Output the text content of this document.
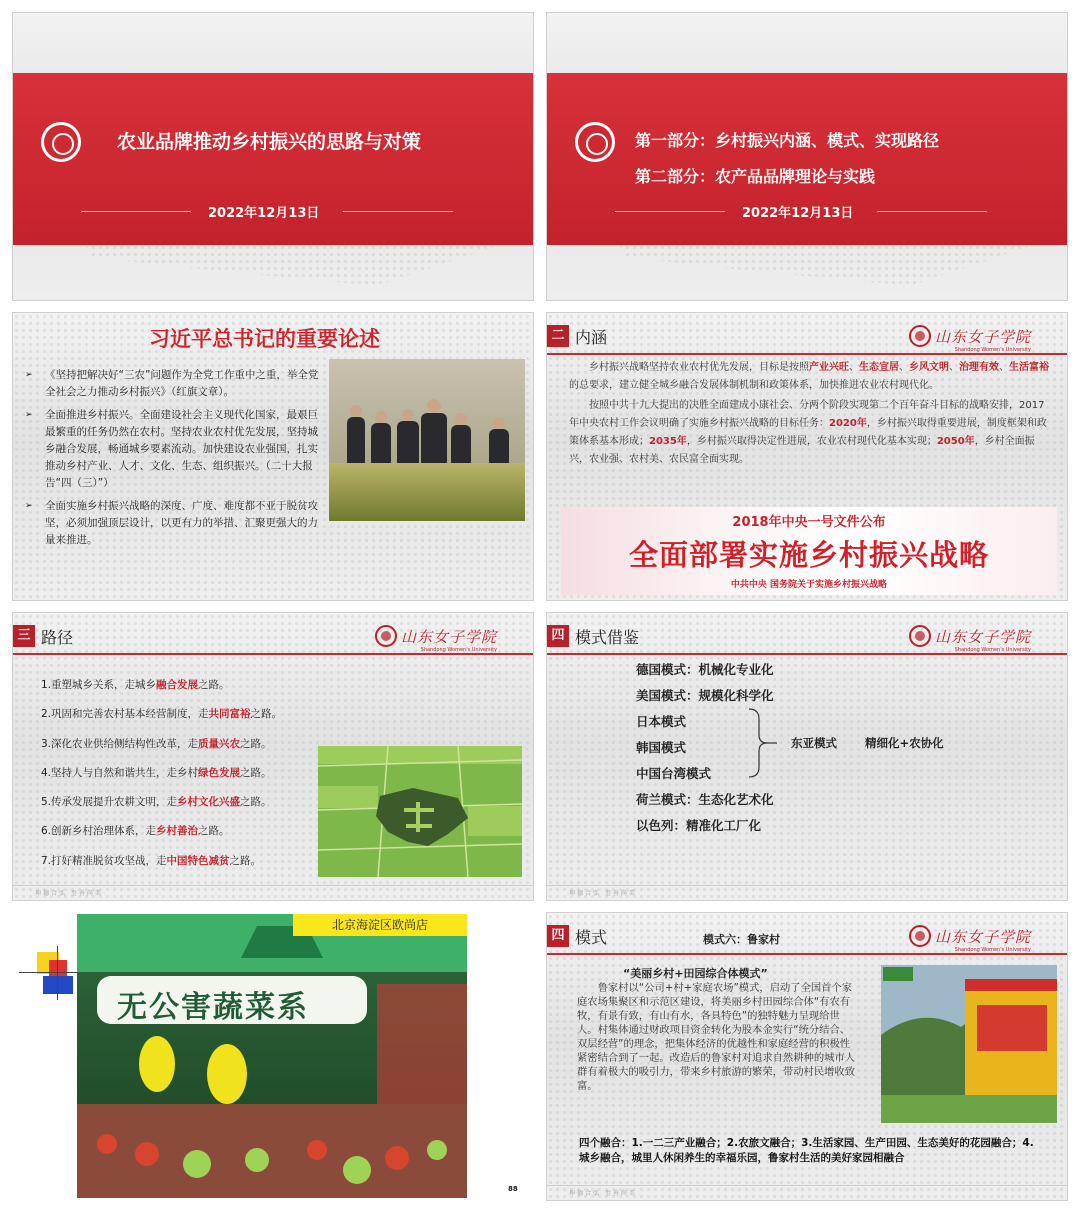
农业品牌推动乡村振兴的思路与对策
2022年12月13日
第一部分：乡村振兴内涵、模式、实现路径
第二部分：农产品品牌理论与实践
2022年12月13日
习近平总书记的重要论述
➢ 《坚持把解决好“三农”问题作为全党工作重中之重，举全党全社会之力推动乡村振兴》（红旗文章）。
➢ 全面推进乡村振兴。全面建设社会主义现代化国家，最艰巨最繁重的任务仍然在农村。坚持农业农村优先发展，坚持城乡融合发展，畅通城乡要素流动。加快建设农业强国，扎实推动乡村产业、人才、文化、生态、组织振兴。（二十大报告“四（三）”）
➢ 全面实施乡村振兴战略的深度、广度、难度都不亚于脱贫攻坚，必须加强顶层设计，以更有力的举措、汇聚更强大的力量来推进。
二 内涵	山东女子学院
Shandong Women's University

乡村振兴战略坚持农业农村优先发展，目标是按照产业兴旺、生态宜居、乡风文明、治理有效、生活富裕的总要求，建立健全城乡融合发展体制机制和政策体系，加快推进农业农村现代化。

按照中共十九大提出的决胜全面建成小康社会、分两个阶段实现第二个百年奋斗目标的战略安排，2017年中央农村工作会议明确了实施乡村振兴战略的目标任务：2020年，乡村振兴取得重要进展，制度框架和政策体系基本形成；2035年，乡村振兴取得决定性进展，农业农村现代化基本实现；2050年，乡村全面振兴，农业强、农村美、农民富全面实现。

2018年中央一号文件公布
全面部署实施乡村振兴战略
中共中央 国务院关于实施乡村振兴战略
三 路径	山东女子学院
Shandong Women's University
1.重塑城乡关系，走城乡融合发展之路。
2.巩固和完善农村基本经营制度，走共同富裕之路。
3.深化农业供给侧结构性改革，走质量兴农之路。
4.坚持人与自然和谐共生，走乡村绿色发展之路。
5.传承发展提升农耕文明，走乡村文化兴盛之路。
6.创新乡村治理体系，走乡村善治之路。
7.打好精准脱贫攻坚战，走中国特色减贫之路。
坤德合弘 至善尚美
四 模式借鉴	山东女子学院
Shandong Women's University
德国模式：机械化专业化
美国模式：规模化科学化
日本模式
韩国模式
中国台湾模式
荷兰模式：生态化艺术化
以色列：精准化工厂化
东亚模式 精细化+农协化
坤德合弘 至善尚美
无公害蔬菜系
北京海淀区欧尚店
88
四 模式	模式六：鲁家村	山东女子学院
Shandong Women's University
“美丽乡村+田园综合体模式”
鲁家村以“公司+村+家庭农场”模式，启动了全国首个家庭农场集聚区和示范区建设，将美丽乡村田园综合体“有农有牧，有景有致，有山有水，各具特色”的独特魅力呈现给世人。村集体通过财政项目资金转化为股本金实行“统分结合、双层经营”的理念，把集体经济的优越性和家庭经营的积极性紧密结合到了一起。改造后的鲁家村对追求自然耕种的城市人群有着极大的吸引力，带来乡村旅游的繁荣，带动村民增收致富。
四个融合：1.一二三产业融合；2.农旅文融合；3.生活家园、生产田园、生态美好的花园融合；4.城乡融合，城里人休闲养生的幸福乐园，鲁家村生活的美好家园相融合
坤德合弘 至善尚美
